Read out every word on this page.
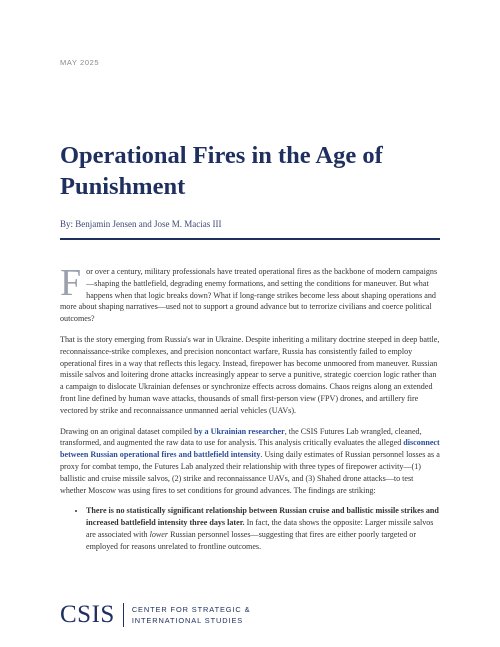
MAY 2025
Operational Fires in the Age of Punishment
By: Benjamin Jensen and Jose M. Macias III

For over a century, military professionals have treated operational fires as the backbone of modern campaigns—shaping the battlefield, degrading enemy formations, and setting the conditions for maneuver. But what happens when that logic breaks down? What if long-range strikes become less about shaping operations and more about shaping narratives—used not to support a ground advance but to terrorize civilians and coerce political outcomes?

That is the story emerging from Russia's war in Ukraine. Despite inheriting a military doctrine steeped in deep battle, reconnaissance-strike complexes, and precision noncontact warfare, Russia has consistently failed to employ operational fires in a way that reflects this legacy. Instead, firepower has become unmoored from maneuver. Russian missile salvos and loitering drone attacks increasingly appear to serve a punitive, strategic coercion logic rather than a campaign to dislocate Ukrainian defenses or synchronize effects across domains. Chaos reigns along an extended front line defined by human wave attacks, thousands of small first-person view (FPV) drones, and artillery fire vectored by strike and reconnaissance unmanned aerial vehicles (UAVs).

Drawing on an original dataset compiled by a Ukrainian researcher, the CSIS Futures Lab wrangled, cleaned, transformed, and augmented the raw data to use for analysis. This analysis critically evaluates the alleged disconnect between Russian operational fires and battlefield intensity. Using daily estimates of Russian personnel losses as a proxy for combat tempo, the Futures Lab analyzed their relationship with three types of firepower activity—(1) ballistic and cruise missile salvos, (2) strike and reconnaissance UAVs, and (3) Shahed drone attacks—to test whether Moscow was using fires to set conditions for ground advances. The findings are striking:

• There is no statistically significant relationship between Russian cruise and ballistic missile strikes and increased battlefield intensity three days later. In fact, the data shows the opposite: Larger missile salvos are associated with lower Russian personnel losses—suggesting that fires are either poorly targeted or employed for reasons unrelated to frontline outcomes.
CSIS CENTER FOR STRATEGIC &
INTERNATIONAL STUDIES
